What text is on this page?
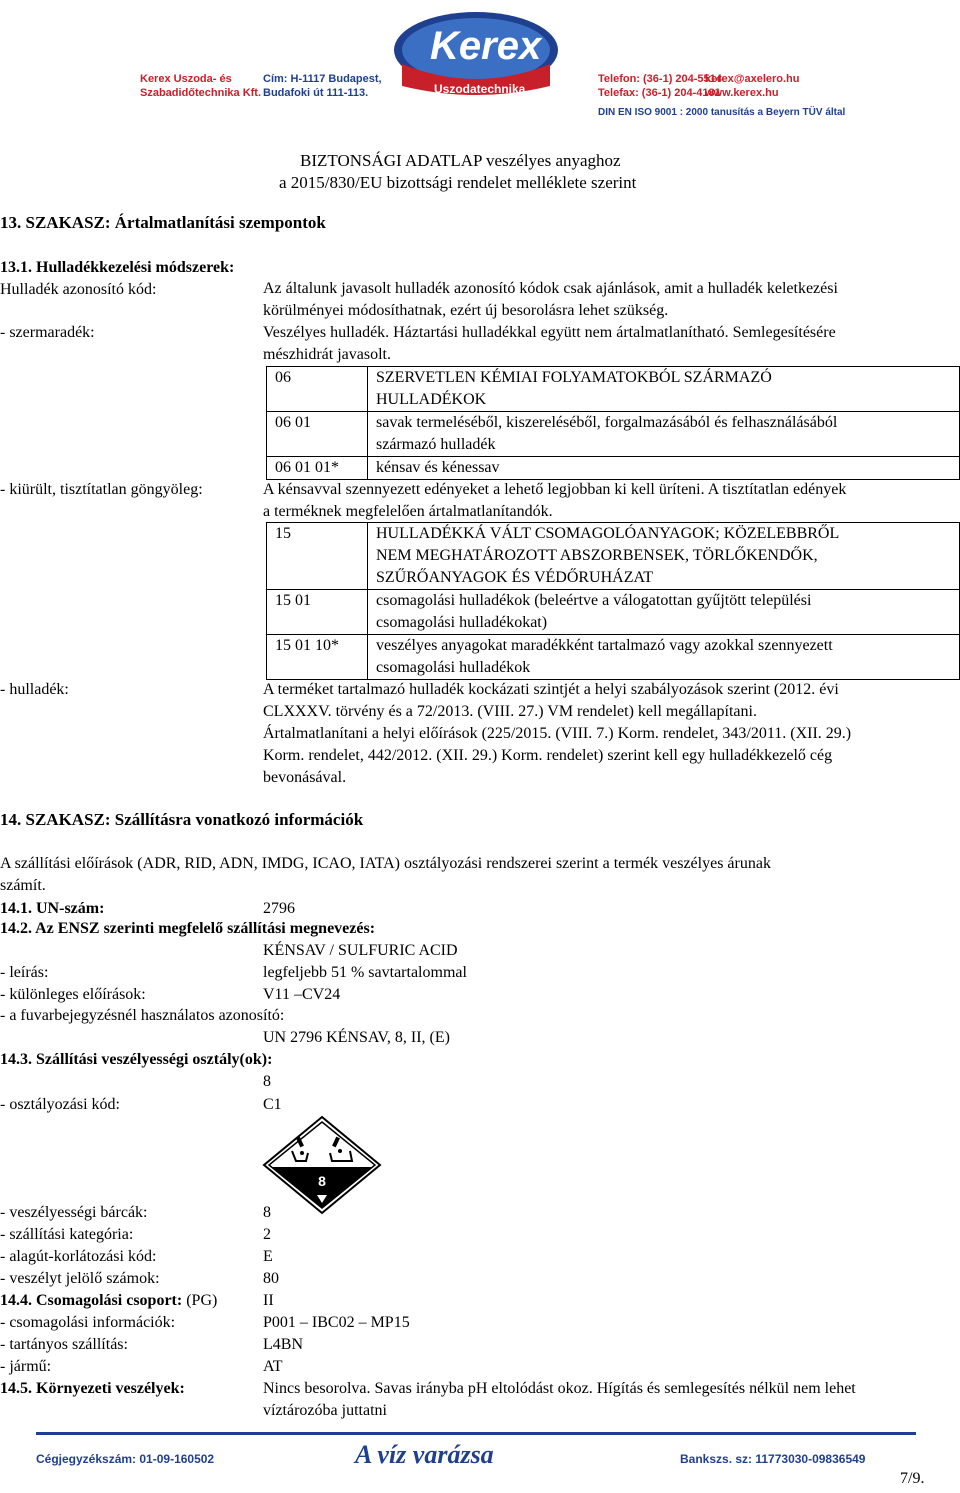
Kerex Uszoda- és
Szabadidőtechnika Kft.
Cím: H-1117 Budapest,
Budafoki út 111-113.
Kerex
Uszodatechnika
Telefon: (36-1) 204-5514
Telefax: (36-1) 204-4181
kerex@axelero.hu
www.kerex.hu
DIN EN ISO 9001 : 2000 tanusítás a Beyern TÜV által
BIZTONSÁGI ADATLAP veszélyes anyaghoz
a 2015/830/EU bizottsági rendelet melléklete szerint
13. SZAKASZ: Ártalmatlanítási szempontok
13.1. Hulladékkezelési módszerek:
Hulladék azonosító kód:	Az általunk javasolt hulladék azonosító kódok csak ajánlások, amit a hulladék keletkezési
körülményei módosíthatnak, ezért új besorolásra lehet szükség.
- szermaradék:	Veszélyes hulladék. Háztartási hulladékkal együtt nem ártalmatlanítható. Semlegesítésére
mészhidrát javasolt.
06	SZERVETLEN KÉMIAI FOLYAMATOKBÓL SZÁRMAZÓ
HULLADÉKOK

06 01	savak termeléséből, kiszereléséből, forgalmazásából és felhasználásából
származó hulladék

06 01 01*	kénsav és kénessav
- kiürült, tisztítatlan göngyöleg:	A kénsavval szennyezett edényeket a lehető legjobban ki kell üríteni. A tisztítatlan edények
a terméknek megfelelően ártalmatlanítandók.
15	HULLADÉKKÁ VÁLT CSOMAGOLÓANYAGOK; KÖZELEBBRŐL
NEM MEGHATÁROZOTT ABSZORBENSEK, TÖRLŐKENDŐK,
SZŰRŐANYAGOK ÉS VÉDŐRUHÁZAT

15 01	csomagolási hulladékok (beleértve a válogatottan gyűjtött települési
csomagolási hulladékokat)

15 01 10*	veszélyes anyagokat maradékként tartalmazó vagy azokkal szennyezett
csomagolási hulladékok
- hulladék:	A terméket tartalmazó hulladék kockázati szintjét a helyi szabályozások szerint (2012. évi
CLXXXV. törvény és a 72/2013. (VIII. 27.) VM rendelet) kell megállapítani.
Ártalmatlanítani a helyi előírások (225/2015. (VIII. 7.) Korm. rendelet, 343/2011. (XII. 29.)
Korm. rendelet, 442/2012. (XII. 29.) Korm. rendelet) szerint kell egy hulladékkezelő cég
bevonásával.
14. SZAKASZ: Szállításra vonatkozó információk
A szállítási előírások (ADR, RID, ADN, IMDG, ICAO, IATA) osztályozási rendszerei szerint a termék veszélyes árunak
számít.
14.1. UN-szám:	2796
14.2. Az ENSZ szerinti megfelelő szállítási megnevezés:
KÉNSAV / SULFURIC ACID
- leírás:	legfeljebb 51 % savtartalommal
- különleges előírások:	V11 –CV24
- a fuvarbejegyzésnél használatos azonosító:
UN 2796 KÉNSAV, 8, II, (E)
14.3. Szállítási veszélyességi osztály(ok):
8
- osztályozási kód:	C1
8
- veszélyességi bárcák:	8
- szállítási kategória:	2
- alagút-korlátozási kód:	E
- veszélyt jelölő számok:	80
14.4. Csomagolási csoport: (PG)	II
- csomagolási információk:	P001 – IBC02 – MP15
- tartányos szállítás:	L4BN
- jármű:	AT
14.5. Környezeti veszélyek:	Nincs besorolva. Savas irányba pH eltolódást okoz. Hígítás és semlegesítés nélkül nem lehet
víztározóba juttatni
Cégjegyzékszám: 01-09-160502	A víz varázsa	Bankszs. sz: 11773030-09836549
7/9.
